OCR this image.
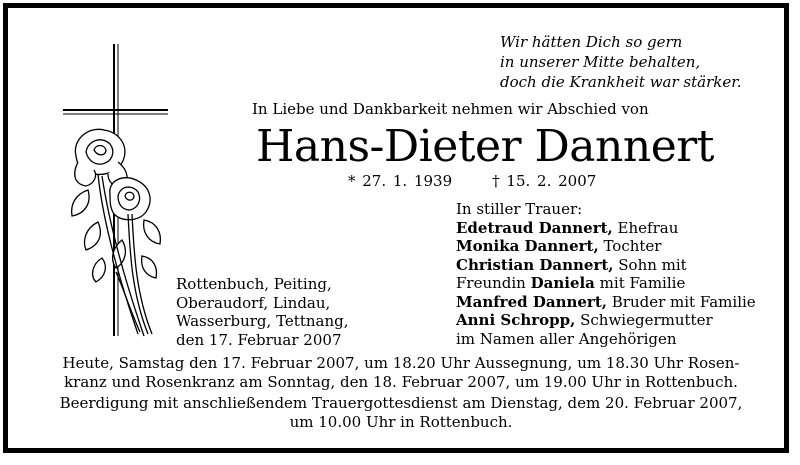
Wir hätten Dich so gern
in unserer Mitte behalten,
doch die Krankheit war stärker.
In Liebe und Dankbarkeit nehmen wir Abschied von
Hans-Dieter Dannert
* 27. 1. 1939	† 15. 2. 2007
Rottenbuch, Peiting,
Oberaudorf, Lindau,
Wasserburg, Tettnang,
den 17. Februar 2007
In stiller Trauer:
Edetraud Dannert, Ehefrau
Monika Dannert, Tochter
Christian Dannert, Sohn mit
Freundin Daniela mit Familie
Manfred Dannert, Bruder mit Familie
Anni Schropp, Schwiegermutter
im Namen aller Angehörigen

Heute, Samstag den 17. Februar 2007, um 18.20 Uhr Aussegnung, um 18.30 Uhr Rosen-
kranz und Rosenkranz am Sonntag, den 18. Februar 2007, um 19.00 Uhr in Rottenbuch.

Beerdigung mit anschließendem Trauergottesdienst am Dienstag, dem 20. Februar 2007,
um 10.00 Uhr in Rottenbuch.
